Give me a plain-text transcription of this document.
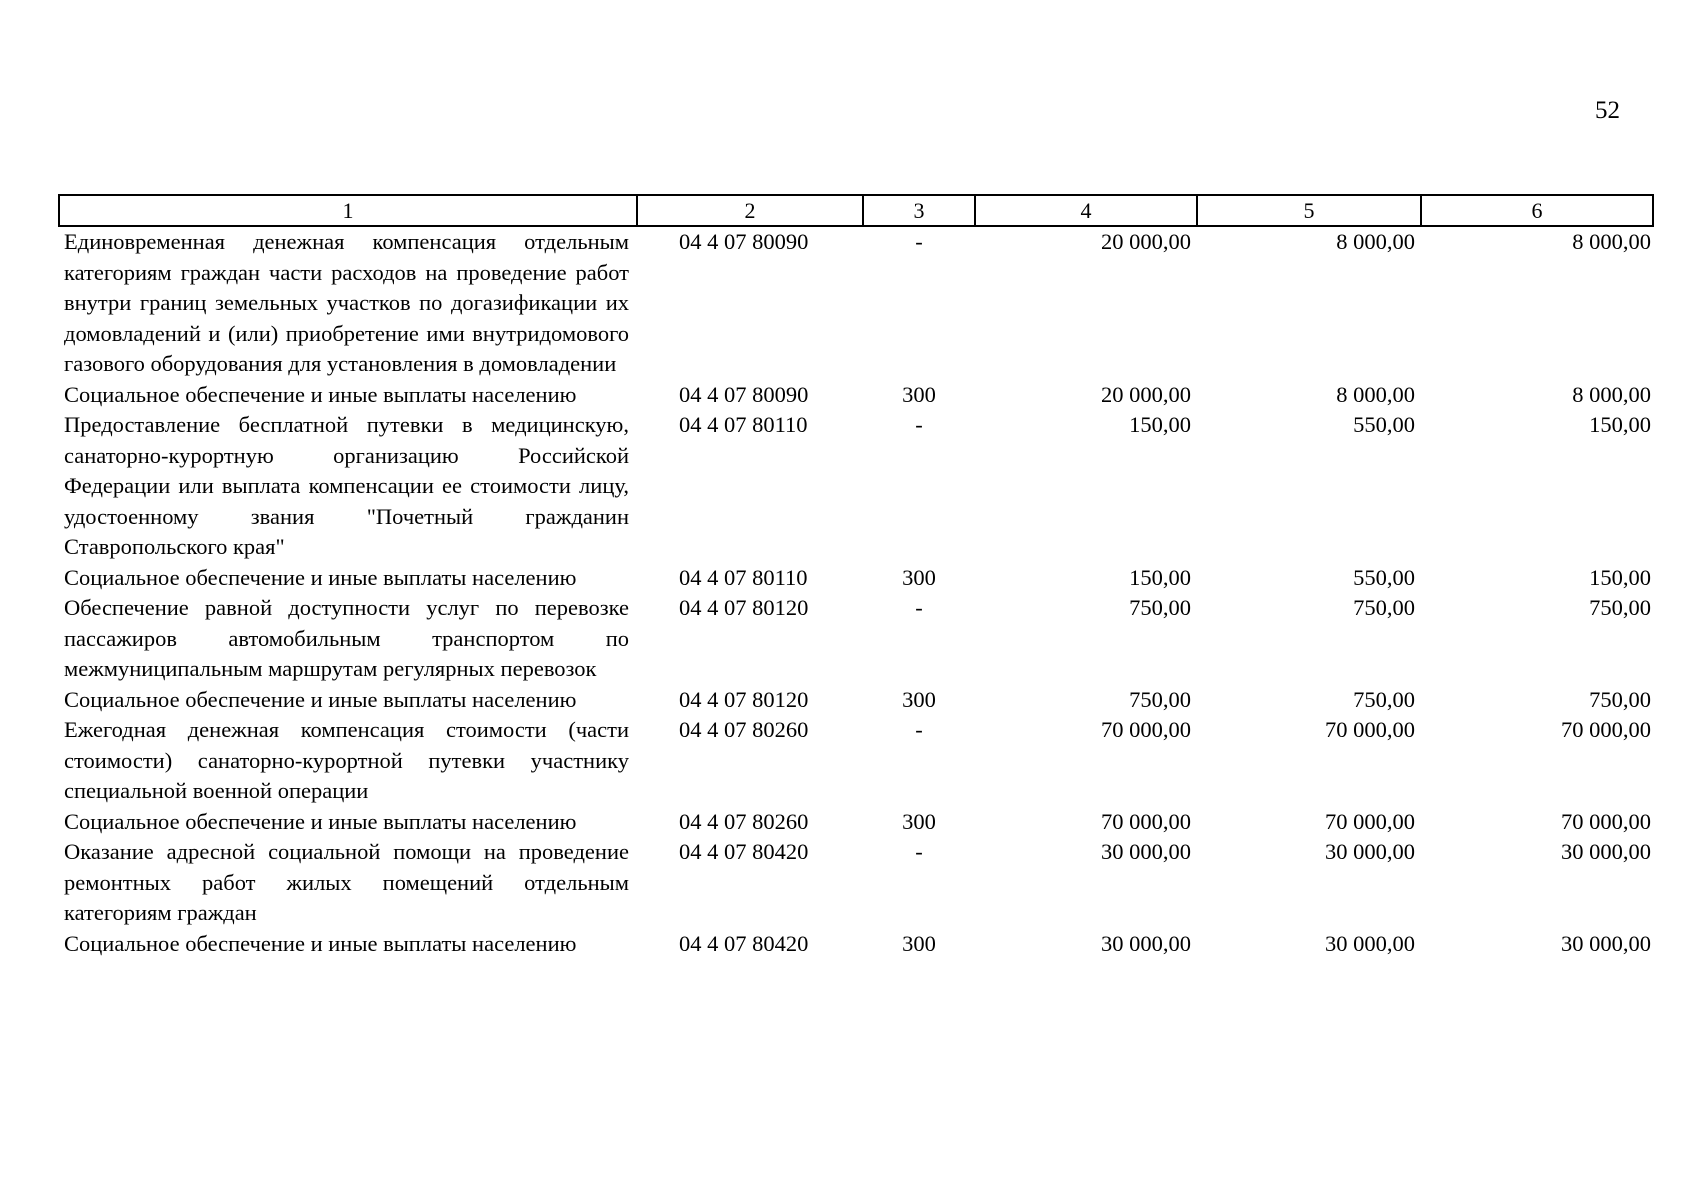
52
1	2	3	4	5	6
Единовременная денежная компенсация отдельным категориям граждан части расходов на проведение работ внутри границ земельных участков по догазификации их домовладений и (или) приобретение ими внутридомового газового оборудования для установления в домовладении	04 4 07 80090	-	20 000,00	8 000,00	8 000,00
Социальное обеспечение и иные выплаты населению	04 4 07 80090	300	20 000,00	8 000,00	8 000,00
Предоставление бесплатной путевки в медицинскую, санаторно-курортную организацию Российской Федерации или выплата компенсации ее стоимости лицу, удостоенному звания "Почетный гражданин Ставропольского края"	04 4 07 80110	-	150,00	550,00	150,00
Социальное обеспечение и иные выплаты населению	04 4 07 80110	300	150,00	550,00	150,00
Обеспечение равной доступности услуг по перевозке пассажиров автомобильным транспортом по межмуниципальным маршрутам регулярных перевозок	04 4 07 80120	-	750,00	750,00	750,00
Социальное обеспечение и иные выплаты населению	04 4 07 80120	300	750,00	750,00	750,00
Ежегодная денежная компенсация стоимости (части стоимости) санаторно-курортной путевки участнику специальной военной операции	04 4 07 80260	-	70 000,00	70 000,00	70 000,00
Социальное обеспечение и иные выплаты населению	04 4 07 80260	300	70 000,00	70 000,00	70 000,00
Оказание адресной социальной помощи на проведение ремонтных работ жилых помещений отдельным категориям граждан	04 4 07 80420	-	30 000,00	30 000,00	30 000,00
Социальное обеспечение и иные выплаты населению	04 4 07 80420	300	30 000,00	30 000,00	30 000,00
